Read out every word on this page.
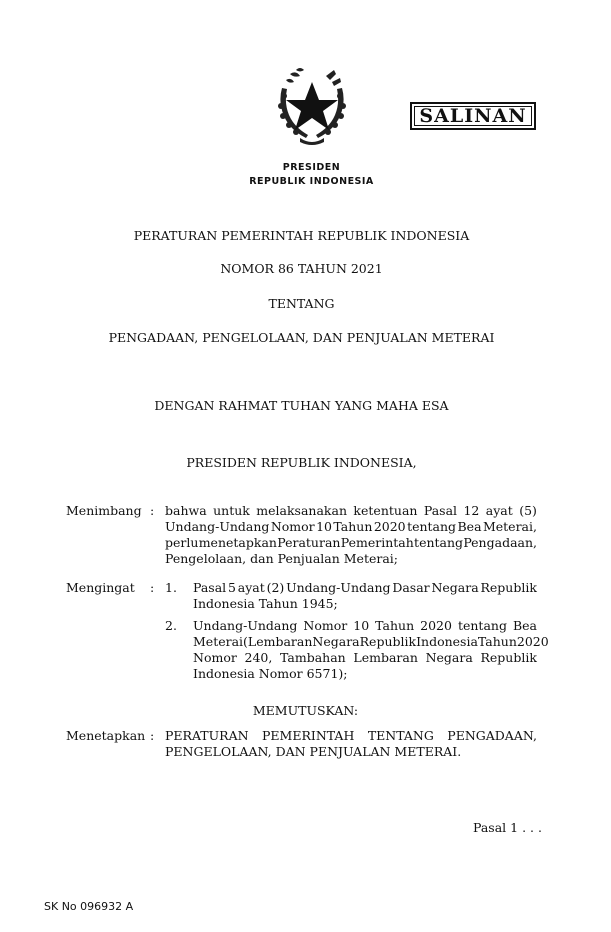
SALINAN
PRESIDEN
REPUBLIK INDONESIA
PERATURAN PEMERINTAH REPUBLIK INDONESIA
NOMOR 86 TAHUN 2021
TENTANG
PENGADAAN, PENGELOLAAN, DAN PENJUALAN METERAI
DENGAN RAHMAT TUHAN YANG MAHA ESA
PRESIDEN REPUBLIK INDONESIA,
Menimbang : bahwa untuk melaksanakan ketentuan Pasal 12 ayat (5)
Undang-Undang Nomor 10 Tahun 2020 tentang Bea Meterai,
perlu menetapkan Peraturan Pemerintah tentang Pengadaan,
Pengelolaan, dan Penjualan Meterai;
Mengingat : 1. Pasal 5 ayat (2) Undang-Undang Dasar Negara Republik
Indonesia Tahun 1945;
2. Undang-Undang Nomor 10 Tahun 2020 tentang Bea
Meterai (Lembaran Negara Republik Indonesia Tahun 2020
Nomor 240, Tambahan Lembaran Negara Republik
Indonesia Nomor 6571);
MEMUTUSKAN:
Menetapkan : PERATURAN PEMERINTAH TENTANG PENGADAAN,
PENGELOLAAN, DAN PENJUALAN METERAI.
Pasal 1 . . .
SK No 096932 A
